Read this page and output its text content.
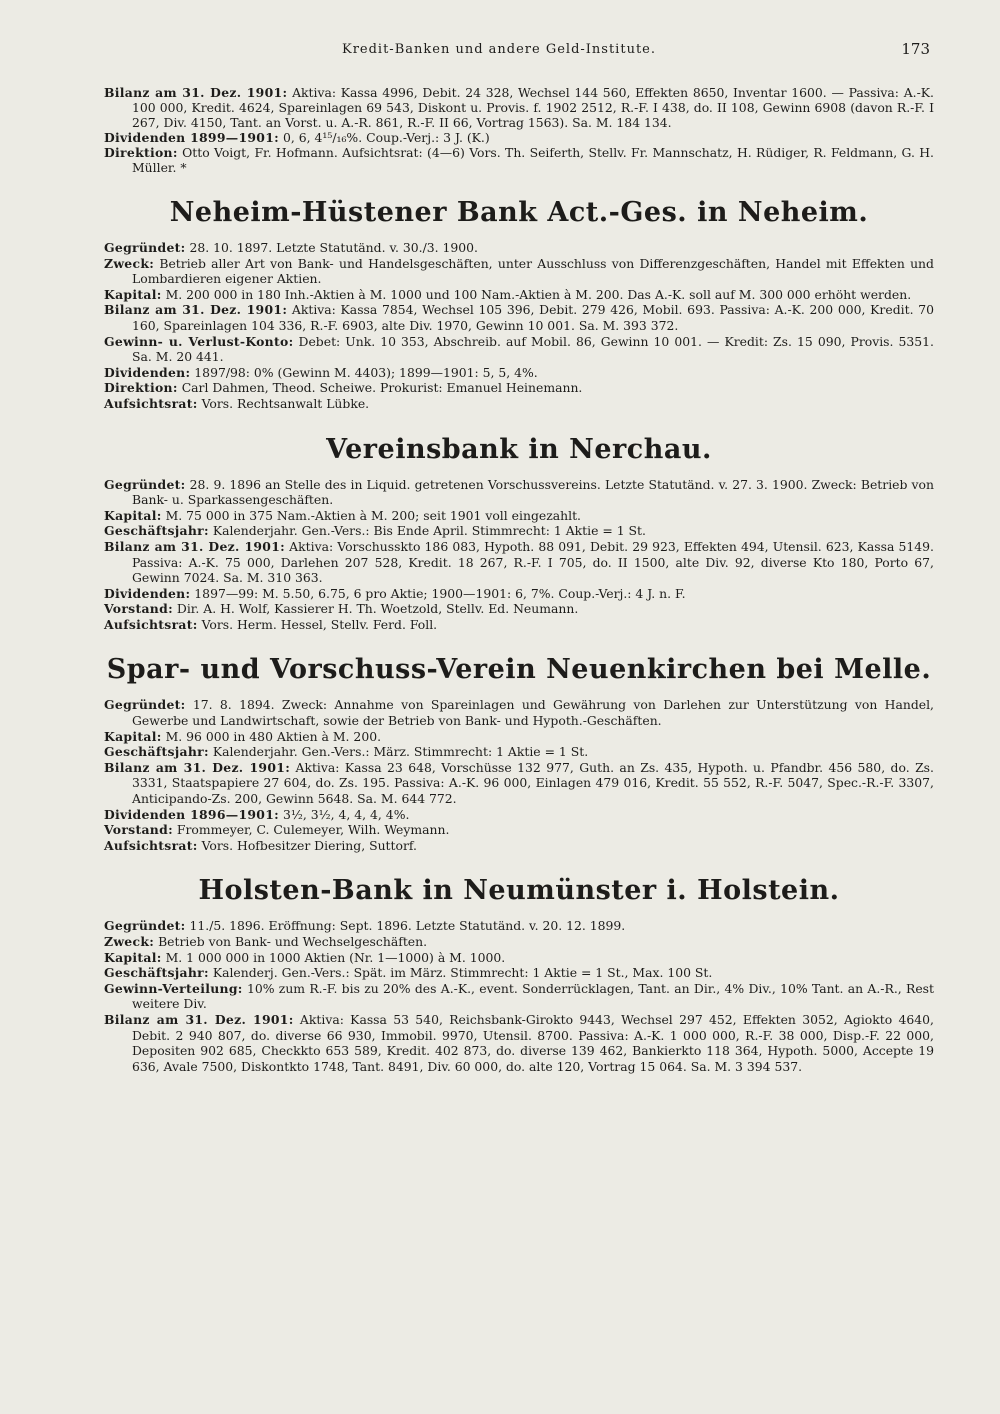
Kredit-Banken und andere Geld-Institute.	173

Bilanz am 31. Dez. 1901: Aktiva: Kassa 4996, Debit. 24 328, Wechsel 144 560, Effekten 8650, Inventar 1600. — Passiva: A.-K. 100 000, Kredit. 4624, Spareinlagen 69 543, Diskont u. Provis. f. 1902 2512, R.-F. I 438, do. II 108, Gewinn 6908 (davon R.-F. I 267, Div. 4150, Tant. an Vorst. u. A.-R. 861, R.-F. II 66, Vortrag 1563). Sa. M. 184 134.

Dividenden 1899—1901: 0, 6, 4¹⁵/₁₆%. Coup.-Verj.: 3 J. (K.)

Direktion: Otto Voigt, Fr. Hofmann. Aufsichtsrat: (4—6) Vors. Th. Seiferth, Stellv. Fr. Mannschatz, H. Rüdiger, R. Feldmann, G. H. Müller. *

Neheim-Hüstener Bank Act.-Ges. in Neheim.

Gegründet: 28. 10. 1897. Letzte Statutänd. v. 30./3. 1900.

Zweck: Betrieb aller Art von Bank- und Handelsgeschäften, unter Ausschluss von Differenzgeschäften, Handel mit Effekten und Lombardieren eigener Aktien.

Kapital: M. 200 000 in 180 Inh.-Aktien à M. 1000 und 100 Nam.-Aktien à M. 200. Das A.-K. soll auf M. 300 000 erhöht werden.

Bilanz am 31. Dez. 1901: Aktiva: Kassa 7854, Wechsel 105 396, Debit. 279 426, Mobil. 693. Passiva: A.-K. 200 000, Kredit. 70 160, Spareinlagen 104 336, R.-F. 6903, alte Div. 1970, Gewinn 10 001. Sa. M. 393 372.

Gewinn- u. Verlust-Konto: Debet: Unk. 10 353, Abschreib. auf Mobil. 86, Gewinn 10 001. — Kredit: Zs. 15 090, Provis. 5351. Sa. M. 20 441.

Dividenden: 1897/98: 0% (Gewinn M. 4403); 1899—1901: 5, 5, 4%.

Direktion: Carl Dahmen, Theod. Scheiwe. Prokurist: Emanuel Heinemann.

Aufsichtsrat: Vors. Rechtsanwalt Lübke.

Vereinsbank in Nerchau.

Gegründet: 28. 9. 1896 an Stelle des in Liquid. getretenen Vorschussvereins. Letzte Statutänd. v. 27. 3. 1900. Zweck: Betrieb von Bank- u. Sparkassengeschäften.

Kapital: M. 75 000 in 375 Nam.-Aktien à M. 200; seit 1901 voll eingezahlt.

Geschäftsjahr: Kalenderjahr. Gen.-Vers.: Bis Ende April. Stimmrecht: 1 Aktie = 1 St.

Bilanz am 31. Dez. 1901: Aktiva: Vorschusskto 186 083, Hypoth. 88 091, Debit. 29 923, Effekten 494, Utensil. 623, Kassa 5149. Passiva: A.-K. 75 000, Darlehen 207 528, Kredit. 18 267, R.-F. I 705, do. II 1500, alte Div. 92, diverse Kto 180, Porto 67, Gewinn 7024. Sa. M. 310 363.

Dividenden: 1897—99: M. 5.50, 6.75, 6 pro Aktie; 1900—1901: 6, 7%. Coup.-Verj.: 4 J. n. F.

Vorstand: Dir. A. H. Wolf, Kassierer H. Th. Woetzold, Stellv. Ed. Neumann.

Aufsichtsrat: Vors. Herm. Hessel, Stellv. Ferd. Foll.

Spar- und Vorschuss-Verein Neuenkirchen bei Melle.

Gegründet: 17. 8. 1894. Zweck: Annahme von Spareinlagen und Gewährung von Darlehen zur Unterstützung von Handel, Gewerbe und Landwirtschaft, sowie der Betrieb von Bank- und Hypoth.-Geschäften.

Kapital: M. 96 000 in 480 Aktien à M. 200.

Geschäftsjahr: Kalenderjahr. Gen.-Vers.: März. Stimmrecht: 1 Aktie = 1 St.

Bilanz am 31. Dez. 1901: Aktiva: Kassa 23 648, Vorschüsse 132 977, Guth. an Zs. 435, Hypoth. u. Pfandbr. 456 580, do. Zs. 3331, Staatspapiere 27 604, do. Zs. 195. Passiva: A.-K. 96 000, Einlagen 479 016, Kredit. 55 552, R.-F. 5047, Spec.-R.-F. 3307, Anticipando-Zs. 200, Gewinn 5648. Sa. M. 644 772.

Dividenden 1896—1901: 3½, 3½, 4, 4, 4, 4%.

Vorstand: Frommeyer, C. Culemeyer, Wilh. Weymann.

Aufsichtsrat: Vors. Hofbesitzer Diering, Suttorf.

Holsten-Bank in Neumünster i. Holstein.

Gegründet: 11./5. 1896. Eröffnung: Sept. 1896. Letzte Statutänd. v. 20. 12. 1899.

Zweck: Betrieb von Bank- und Wechselgeschäften.

Kapital: M. 1 000 000 in 1000 Aktien (Nr. 1—1000) à M. 1000.

Geschäftsjahr: Kalenderj. Gen.-Vers.: Spät. im März. Stimmrecht: 1 Aktie = 1 St., Max. 100 St.

Gewinn-Verteilung: 10% zum R.-F. bis zu 20% des A.-K., event. Sonderrücklagen, Tant. an Dir., 4% Div., 10% Tant. an A.-R., Rest weitere Div.

Bilanz am 31. Dez. 1901: Aktiva: Kassa 53 540, Reichsbank-Girokto 9443, Wechsel 297 452, Effekten 3052, Agiokto 4640, Debit. 2 940 807, do. diverse 66 930, Immobil. 9970, Utensil. 8700. Passiva: A.-K. 1 000 000, R.-F. 38 000, Disp.-F. 22 000, Depositen 902 685, Checkkto 653 589, Kredit. 402 873, do. diverse 139 462, Bankierkto 118 364, Hypoth. 5000, Accepte 19 636, Avale 7500, Diskontkto 1748, Tant. 8491, Div. 60 000, do. alte 120, Vortrag 15 064. Sa. M. 3 394 537.
